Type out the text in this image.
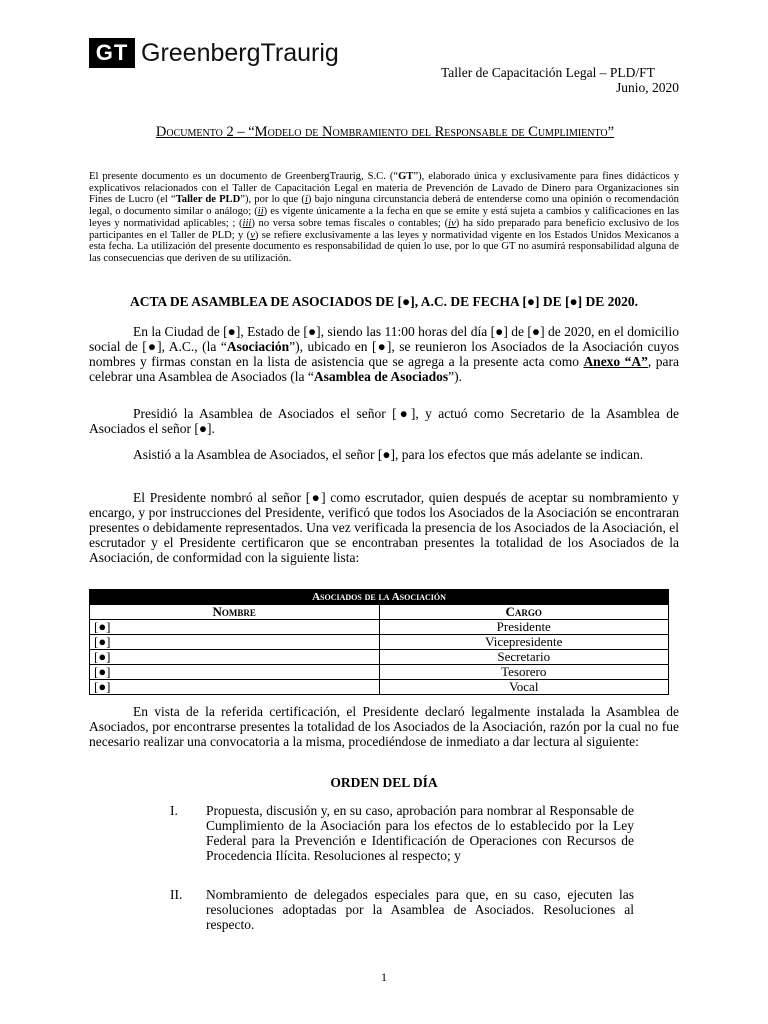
GT GreenbergTraurig
Taller de Capacitación Legal – PLD/FT
Junio, 2020
Documento 2 – “Modelo de Nombramiento del Responsable de Cumplimiento”
El presente documento es un documento de GreenbergTraurig, S.C. (“GT”), elaborado única y exclusivamente para fines didácticos y explicativos relacionados con el Taller de Capacitación Legal en materia de Prevención de Lavado de Dinero para Organizaciones sin Fines de Lucro (el “Taller de PLD”), por lo que (i) bajo ninguna circunstancia deberá de entenderse como una opinión o recomendación legal, o documento similar o análogo; (ii) es vigente únicamente a la fecha en que se emite y está sujeta a cambios y calificaciones en las leyes y normatividad aplicables; ; (iii) no versa sobre temas fiscales o contables; (iv) ha sido preparado para beneficio exclusivo de los participantes en el Taller de PLD; y (v) se refiere exclusivamente a las leyes y normatividad vigente en los Estados Unidos Mexicanos a esta fecha. La utilización del presente documento es responsabilidad de quien lo use, por lo que GT no asumirá responsabilidad alguna de las consecuencias que deriven de su utilización.
ACTA DE ASAMBLEA DE ASOCIADOS DE [●], A.C. DE FECHA [●] DE [●] DE 2020.
En la Ciudad de [●], Estado de [●], siendo las 11:00 horas del día [●] de [●] de 2020, en el domicilio social de [●], A.C., (la “Asociación”), ubicado en [●], se reunieron los Asociados de la Asociación cuyos nombres y firmas constan en la lista de asistencia que se agrega a la presente acta como Anexo “A”, para celebrar una Asamblea de Asociados (la “Asamblea de Asociados”).
Presidió la Asamblea de Asociados el señor [●], y actuó como Secretario de la Asamblea de Asociados el señor [●].
Asistió a la Asamblea de Asociados, el señor [●], para los efectos que más adelante se indican.
El Presidente nombró al señor [●] como escrutador, quien después de aceptar su nombramiento y encargo, y por instrucciones del Presidente, verificó que todos los Asociados de la Asociación se encontraran presentes o debidamente representados. Una vez verificada la presencia de los Asociados de la Asociación, el escrutador y el Presidente certificaron que se encontraban presentes la totalidad de los Asociados de la Asociación, de conformidad con la siguiente lista:
Asociados de la Asociación	
Nombre	Cargo
[●]	Presidente
[●]	Vicepresidente
[●]	Secretario
[●]	Tesorero
[●]	Vocal
En vista de la referida certificación, el Presidente declaró legalmente instalada la Asamblea de Asociados, por encontrarse presentes la totalidad de los Asociados de la Asociación, razón por la cual no fue necesario realizar una convocatoria a la misma, procediéndose de inmediato a dar lectura al siguiente:
ORDEN DEL DÍA
I.	Propuesta, discusión y, en su caso, aprobación para nombrar al Responsable de Cumplimiento de la Asociación para los efectos de lo establecido por la Ley Federal para la Prevención e Identificación de Operaciones con Recursos de Procedencia Ilícita. Resoluciones al respecto; y
II.	Nombramiento de delegados especiales para que, en su caso, ejecuten las resoluciones adoptadas por la Asamblea de Asociados. Resoluciones al respecto.
1
